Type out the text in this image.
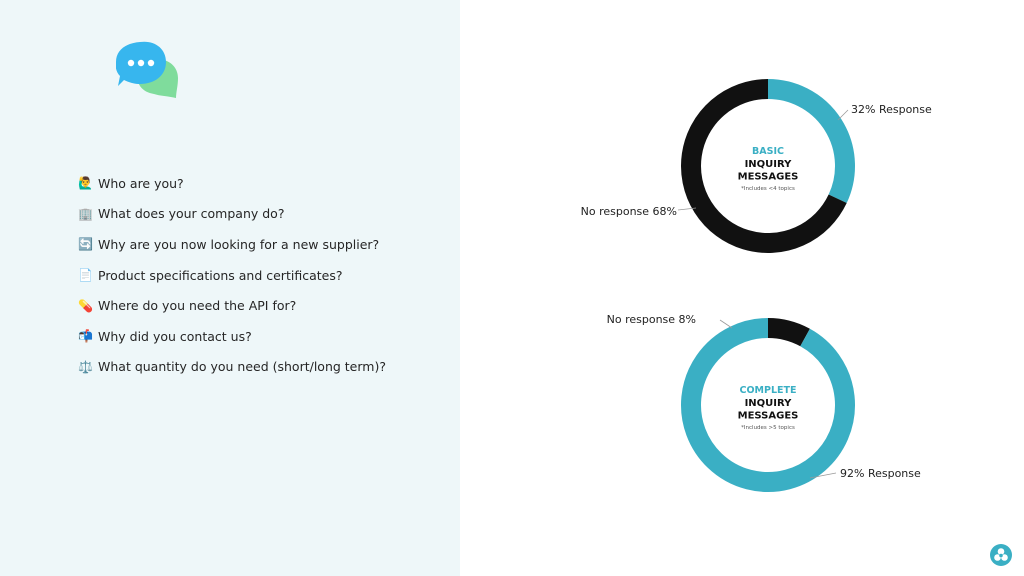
🙋‍♂️ Who are you?
🏢 What does your company do?
🔄 Why are you now looking for a new supplier?
📄 Product specifications and certificates?
💊 Where do you need the API for?
📬 Why did you contact us?
⚖️ What quantity do you need (short/long term)?
BASIC
INQUIRY
MESSAGES
*Includes <4 topics
32% Response
No response 68%
COMPLETE
INQUIRY
MESSAGES
*Includes >5 topics
92% Response
No response 8%
